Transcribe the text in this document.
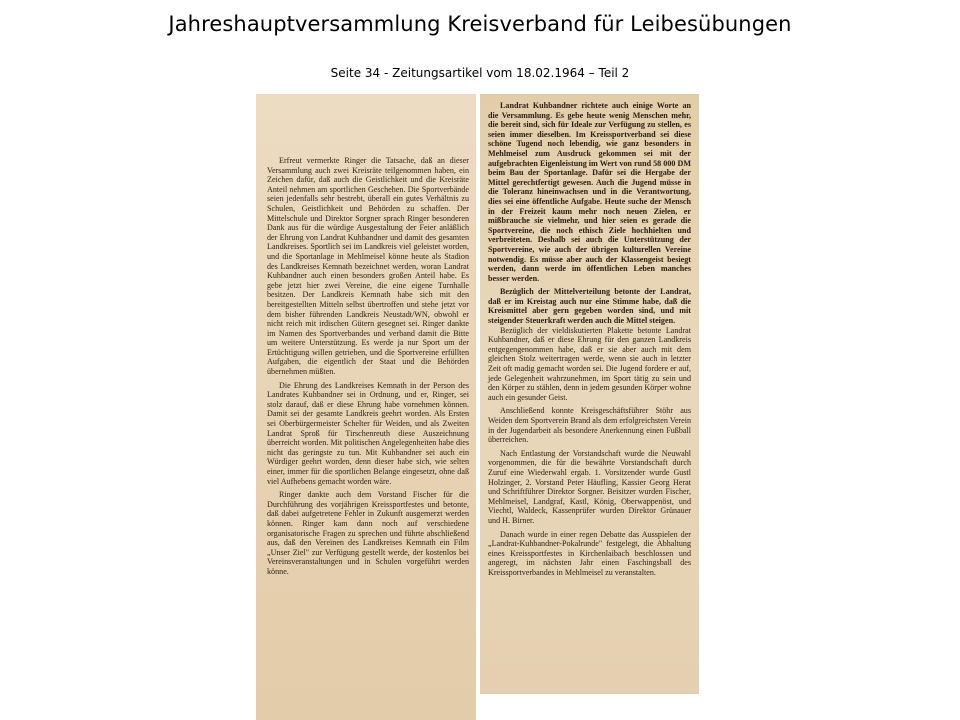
Jahreshauptversammlung Kreisverband für Leibesübungen
Seite 34 - Zeitungsartikel vom 18.02.1964 – Teil 2

Erfreut vermerkte Ringer die Tatsache, daß an dieser Versammlung auch zwei Kreisräte teilgenommen haben, ein Zeichen dafür, daß auch die Geistlichkeit und die Kreisräte Anteil nehmen am sportlichen Geschehen. Die Sportverbände seien jedenfalls sehr bestrebt, überall ein gutes Verhältnis zu Schulen, Geistlichkeit und Behörden zu schaffen. Der Mittelschule und Direktor Sorgner sprach Ringer besonderen Dank aus für die würdige Ausgestaltung der Feier anläßlich der Ehrung von Landrat Kuhbandner und damit des gesamten Landkreises. Sportlich sei im Landkreis viel geleistet worden, und die Sportanlage in Mehlmeisel könne heute als Stadion des Landkreises Kemnath bezeichnet werden, woran Landrat Kuhbandner auch einen besonders großen Anteil habe. Es gebe jetzt hier zwei Vereine, die eine eigene Turnhalle besitzen. Der Landkreis Kemnath habe sich mit den bereitgestellten Mitteln selbst übertroffen und stehe jetzt vor dem bisher führenden Landkreis Neustadt/WN, obwohl er nicht reich mit irdischen Gütern gesegnet sei. Ringer dankte im Namen des Sportverbandes und verband damit die Bitte um weitere Unterstützung. Es werde ja nur Sport um der Ertüchtigung willen getrieben, und die Sportvereine erfüllten Aufgaben, die eigentlich der Staat und die Behörden übernehmen müßten.

Die Ehrung des Landkreises Kemnath in der Person des Landrates Kuhbandner sei in Ordnung, und er, Ringer, sei stolz darauf, daß er diese Ehrung habe vornehmen können. Damit sei der gesamte Landkreis geehrt worden. Als Ersten sei Oberbürgermeister Schelter für Weiden, und als Zweiten Landrat Sproß für Tirschenreuth diese Auszeichnung überreicht worden. Mit politischen Angelegenheiten habe dies nicht das geringste zu tun. Mit Kuhbandner sei auch ein Würdiger geehrt worden, denn dieser habe sich, wie selten einer, immer für die sportlichen Belange eingesetzt, ohne daß viel Aufhebens gemacht worden wäre.

Ringer dankte auch dem Vorstand Fischer für die Durchführung des vorjährigen Kreissportfestes und betonte, daß dabei aufgetretene Fehler in Zukunft ausgemerzt werden können. Ringer kam dann noch auf verschiedene organisatorische Fragen zu sprechen und führte abschließend aus, daß den Vereinen des Landkreises Kemnath ein Film „Unser Ziel" zur Verfügung gestellt werde, der kostenlos bei Vereinsveranstaltungen und in Schulen vorgeführt werden könne.

Landrat Kuhbandner richtete auch einige Worte an die Versammlung. Es gebe heute wenig Menschen mehr, die bereit sind, sich für Ideale zur Verfügung zu stellen, es seien immer dieselben. Im Kreissportverband sei diese schöne Tugend noch lebendig, wie ganz besonders in Mehlmeisel zum Ausdruck gekommen sei mit der aufgebrachten Eigenleistung im Wert von rund 58 000 DM beim Bau der Sportanlage. Dafür sei die Hergabe der Mittel gerechtfertigt gewesen. Auch die Jugend müsse in die Toleranz hineinwachsen und in die Verantwortung, dies sei eine öffentliche Aufgabe. Heute suche der Mensch in der Freizeit kaum mehr noch neuen Zielen, er mißbrauche sie vielmehr, und hier seien es gerade die Sportvereine, die noch ethisch Ziele hochhielten und verbreiteten. Deshalb sei auch die Unterstützung der Sportvereine, wie auch der übrigen kulturellen Vereine notwendig. Es müsse aber auch der Klassengeist besiegt werden, dann werde im öffentlichen Leben manches besser werden.

Bezüglich der Mittelverteilung betonte der Landrat, daß er im Kreistag auch nur eine Stimme habe, daß die Kreismittel aber gern gegeben worden sind, und mit steigender Steuerkraft werden auch die Mittel steigen.

Bezüglich der vieldiskutierten Plakette betonte Landrat Kuhbandner, daß er diese Ehrung für den ganzen Landkreis entgegengenommen habe, daß er sie aber auch mit dem gleichen Stolz weitertragen werde, wenn sie auch in letzter Zeit oft madig gemacht worden sei. Die Jugend fordere er auf, jede Gelegenheit wahrzunehmen, im Sport tätig zu sein und den Körper zu stählen, denn in jedem gesunden Körper wohne auch ein gesunder Geist.

Anschließend konnte Kreisgeschäftsführer Stöhr aus Weiden dem Sportverein Brand als dem erfolgreichsten Verein in der Jugendarbeit als besondere Anerkennung einen Fußball überreichen.

Nach Entlastung der Vorstandschaft wurde die Neuwahl vorgenommen, die für die bewährte Vorstandschaft durch Zuruf eine Wiederwahl ergab. 1. Vorsitzender wurde Gustl Holzinger, 2. Vorstand Peter Häufling, Kassier Georg Herat und Schriftführer Direktor Sorgner. Beisitzer wurden Fischer, Mehlmeisel, Landgraf, Kastl, König, Oberwappenöst, und Viechtl, Waldeck, Kassenprüfer wurden Direktor Grünauer und H. Birner.

Danach wurde in einer regen Debatte das Ausspielen der „Landrat-Kuhbandner-Pokalrunde" festgelegt, die Abhaltung eines Kreissportfestes in Kirchenlaibach beschlossen und angeregt, im nächsten Jahr einen Faschingsball des Kreissportverbandes in Mehlmeisel zu veranstalten.
